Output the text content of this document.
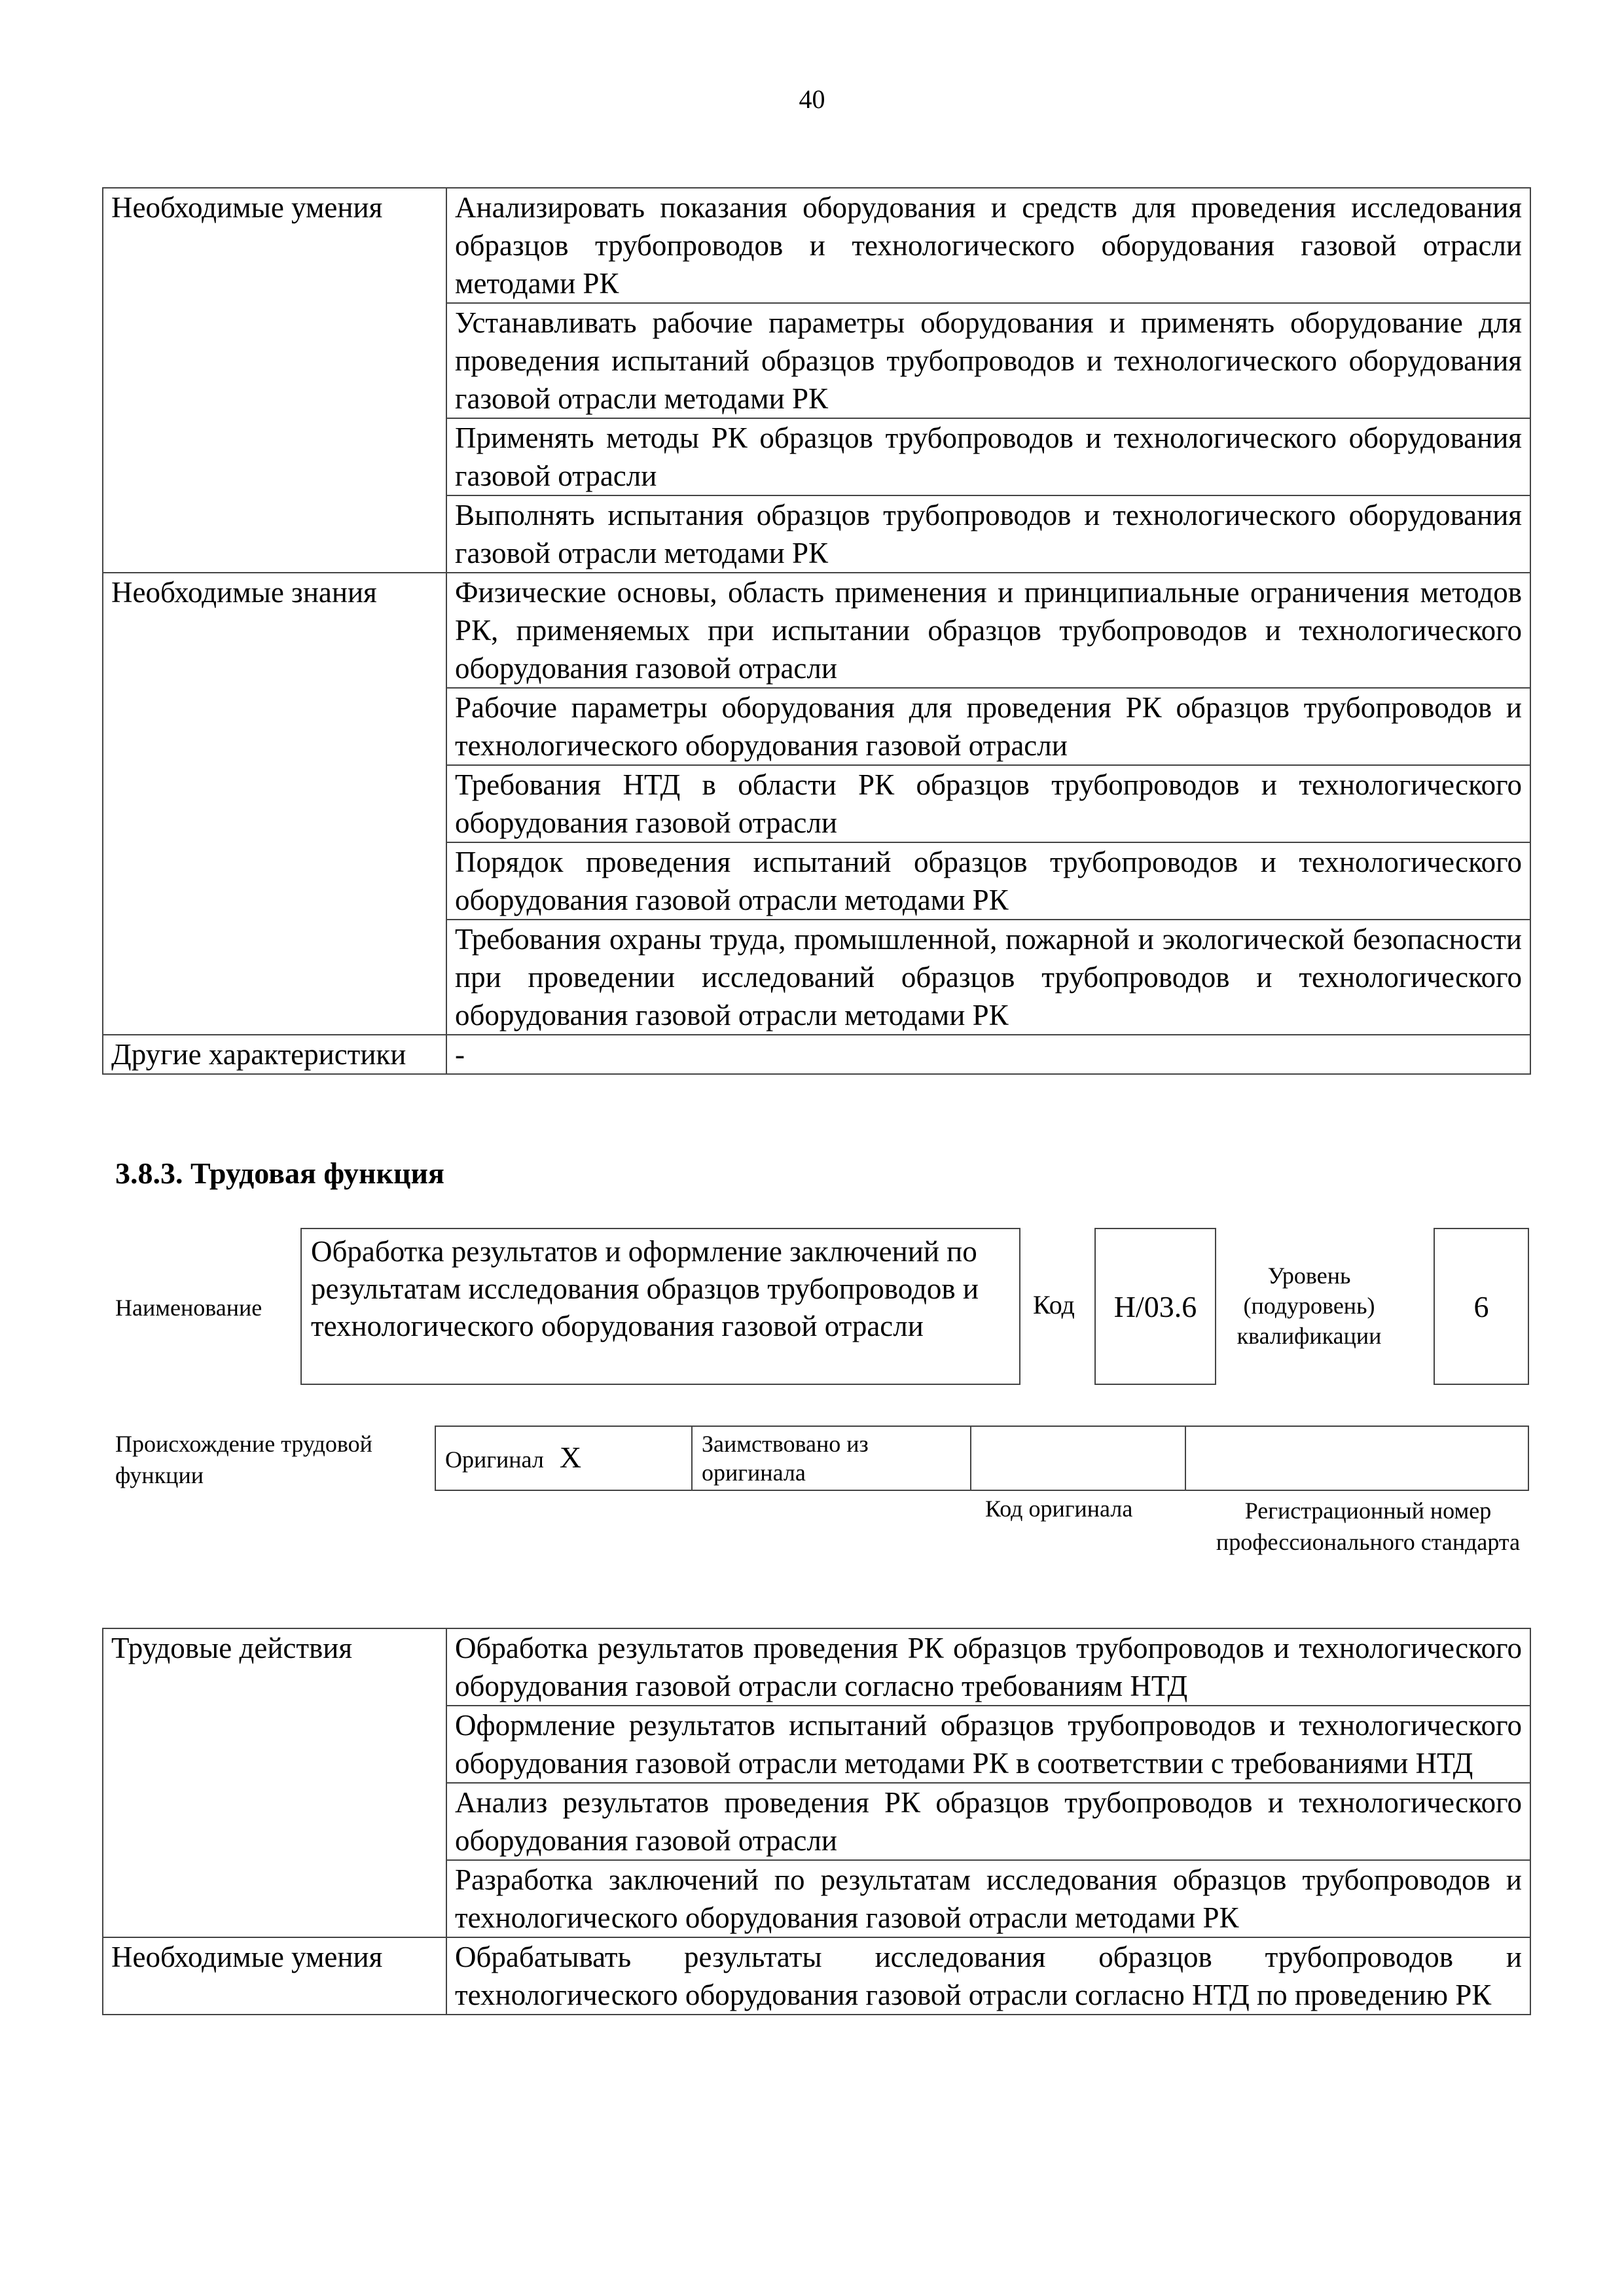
40
Необходимые умения	Анализировать показания оборудования и средств для проведения исследования образцов трубопроводов и технологического оборудования газовой отрасли методами РК
	Устанавливать рабочие параметры оборудования и применять оборудование для проведения испытаний образцов трубопроводов и технологического оборудования газовой отрасли методами РК
	Применять методы РК образцов трубопроводов и технологического оборудования газовой отрасли
	Выполнять испытания образцов трубопроводов и технологического оборудования газовой отрасли методами РК
Необходимые знания	Физические основы, область применения и принципиальные ограничения методов РК, применяемых при испытании образцов трубопроводов и технологического оборудования газовой отрасли
	Рабочие параметры оборудования для проведения РК образцов трубопроводов и технологического оборудования газовой отрасли
	Требования НТД в области РК образцов трубопроводов и технологического оборудования газовой отрасли
	Порядок проведения испытаний образцов трубопроводов и технологического оборудования газовой отрасли методами РК
	Требования охраны труда, промышленной, пожарной и экологической безопасности при проведении исследований образцов трубопроводов и технологического оборудования газовой отрасли методами РК
Другие характеристики	-
3.8.3. Трудовая функция
Наименование
Обработка результатов и оформление заключений по результатам исследования образцов трубопроводов и технологического оборудования газовой отрасли
Код	H/03.6
Уровень (подуровень) квалификации
6
Происхождение трудовой функции
Оригинал X	Заимствовано из оригинала		
Код оригинала	Регистрационный номер профессионального стандарта
Трудовые действия	Обработка результатов проведения РК образцов трубопроводов и технологического оборудования газовой отрасли согласно требованиям НТД
	Оформление результатов испытаний образцов трубопроводов и технологического оборудования газовой отрасли методами РК в соответствии с требованиями НТД
	Анализ результатов проведения РК образцов трубопроводов и технологического оборудования газовой отрасли
	Разработка заключений по результатам исследования образцов трубопроводов и технологического оборудования газовой отрасли методами РК
Необходимые умения	Обрабатывать результаты исследования образцов трубопроводов и технологического оборудования газовой отрасли согласно НТД по проведению РК
